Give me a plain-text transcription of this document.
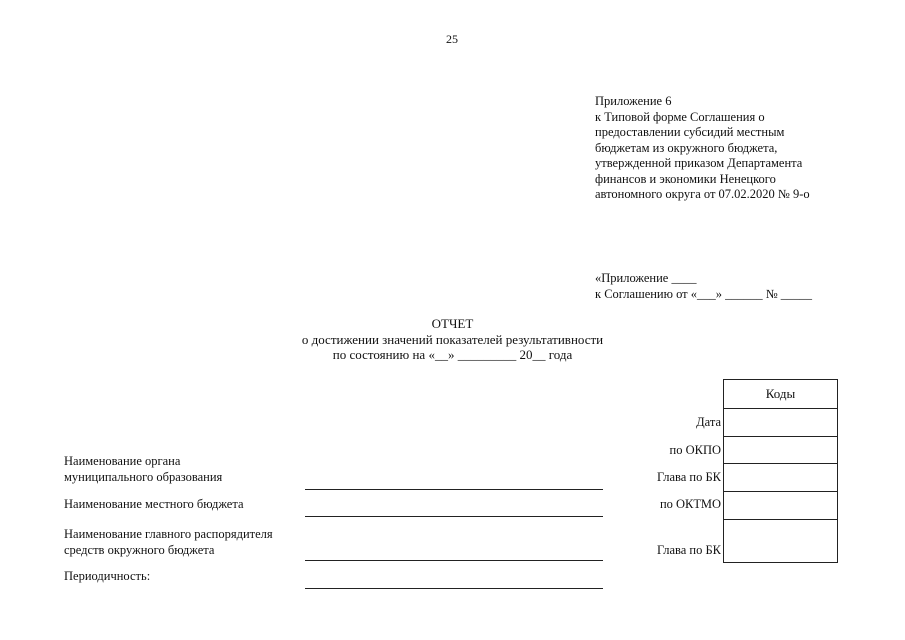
25
Приложение 6
к Типовой форме Соглашения о
предоставлении субсидий местным
бюджетам из окружного бюджета,
утвержденной приказом Департамента
финансов и экономики Ненецкого
автономного округа от 07.02.2020 № 9-о
«Приложение ____
к Соглашению от «___» ______ № _____
ОТЧЕТ
о достижении значений показателей результативности
по состоянию на «__» _________ 20__ года
Коды
Дата
по ОКПО
Глава по БК
по ОКТМО
Глава по БК
Наименование органа
муниципального образования
Наименование местного бюджета
Наименование главного распорядителя
средств окружного бюджета
Периодичность:
